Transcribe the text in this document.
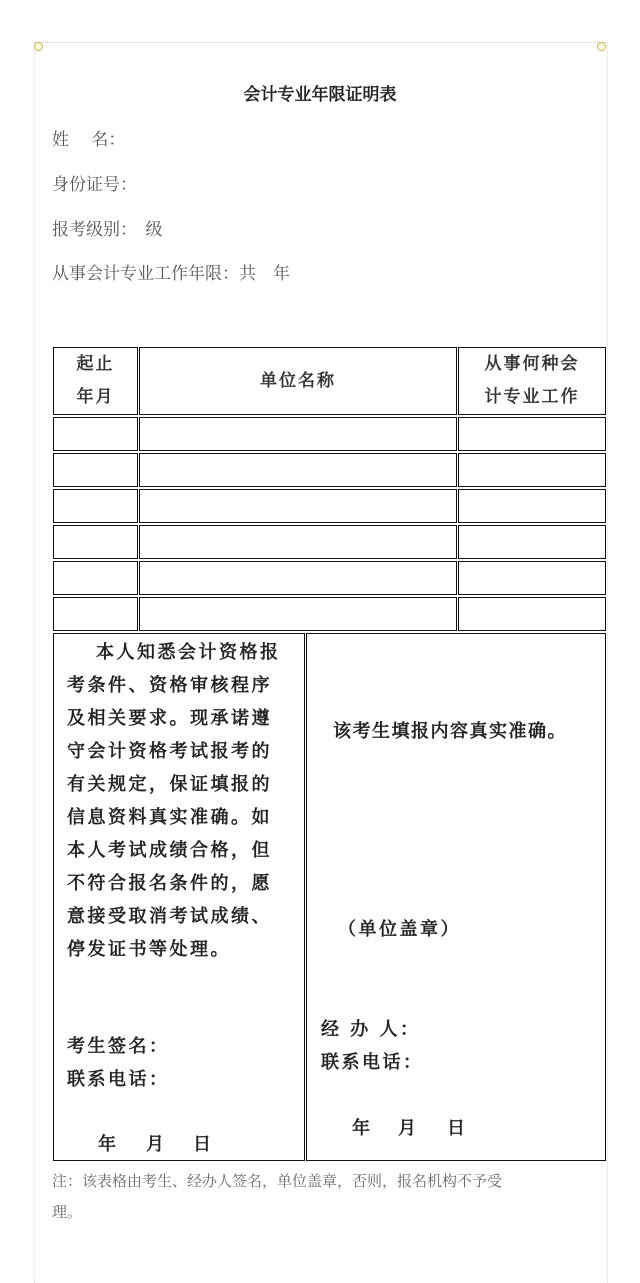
会计专业年限证明表
姓　 名：
身份证号：
报考级别：　级
从事会计专业工作年限：共　年
起止
年月
单位名称
从事何种会
计专业工作
本人知悉会计资格报
考条件、资格审核程序
及相关要求。现承诺遵
守会计资格考试报考的
有关规定，保证填报的
信息资料真实准确。如
本人考试成绩合格，但
不符合报名条件的，愿
意接受取消考试成绩、
停发证书等处理。
考生签名：
联系电话：
年 月 日
该考生填报内容真实准确。
（单位盖章）
经 办 人：
联系电话：
年 月 日
注：该表格由考生、经办人签名，单位盖章，否则，报名机构不予受
理。
